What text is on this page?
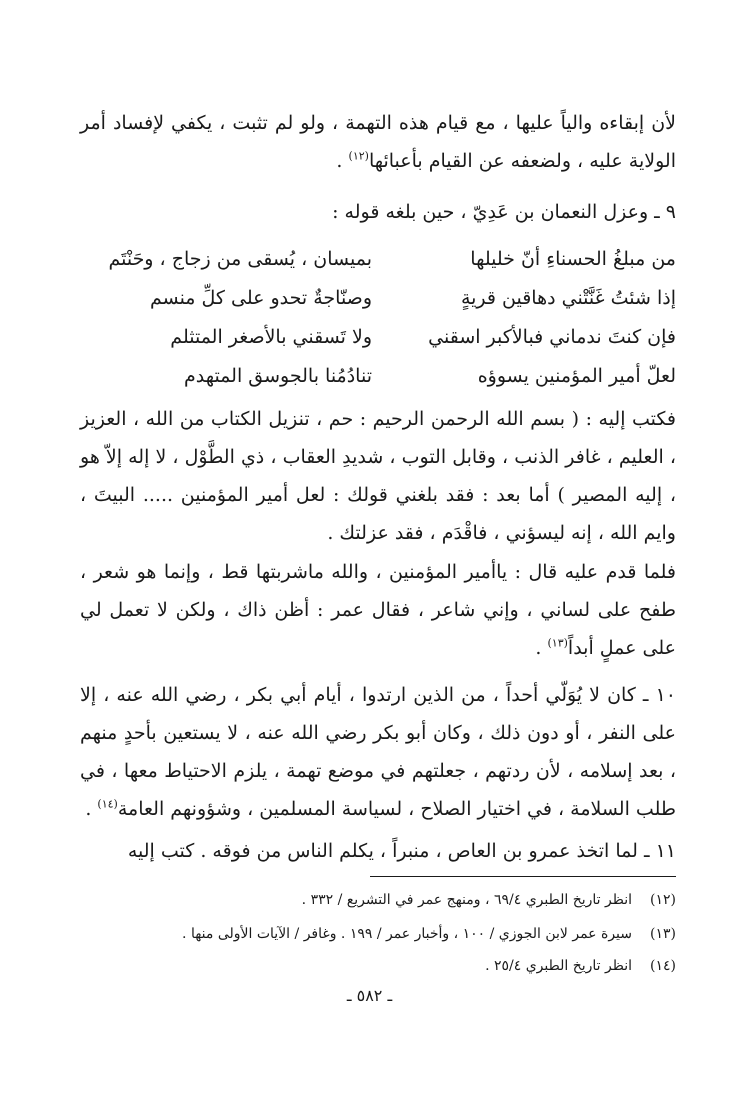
لأن إبقاءه والياً عليها ، مع قيام هذه التهمة ، ولو لم تثبت ، يكفي لإفساد أمر الولاية عليه ، ولضعفه عن القيام بأعبائها$^{(١٢)}$ .

٩ ـ وعزل النعمان بن عَدِيّ ، حين بلغه قوله :

من مبلغُ الحسناءِ أنّ خليلها
بميسان ، يُسقى من زجاج ، وحَنْتَم
إذا شئتُ غَنَّتْني دهاقين قريةٍ
وصنّاجةٌ تحدو على كلِّ منسم
فإن كنتَ ندماني فبالأكبر اسقني
ولا تَسقني بالأصغر المتثلم
لعلّ أمير المؤمنين يسوؤه
تنادُمُنا بالجوسق المتهدم

فكتب إليه : ( بسم الله الرحمن الرحيم : حم ، تنزيل الكتاب من الله ، العزيز ، العليم ، غافر الذنب ، وقابل التوب ، شديدِ العقاب ، ذي الطَّوْل ، لا إله إلاّ هو ، إليه المصير ) أما بعد : فقد بلغني قولك : لعل أمير المؤمنين ..... البيتَ ، وايم الله ، إنه ليسؤني ، فاقْدَم ، فقد عزلتك .

فلما قدم عليه قال : ياأمير المؤمنين ، والله ماشربتها قط ، وإنما هو شعر ، طفح على لساني ، وإني شاعر ، فقال عمر : أظن ذاك ، ولكن لا تعمل لي على عملٍ أبداً$^{(١٣)}$ .

١٠ ـ كان لا يُوَلّي أحداً ، من الذين ارتدوا ، أيام أبي بكر ، رضي الله عنه ، إلا على النفر ، أو دون ذلك ، وكان أبو بكر رضي الله عنه ، لا يستعين بأحدٍ منهم ، بعد إسلامه ، لأن ردتهم ، جعلتهم في موضع تهمة ، يلزم الاحتياط معها ، في طلب السلامة ، في اختيار الصلاح ، لسياسة المسلمين ، وشؤونهم العامة$^{(١٤)}$ .

١١ ـ لما اتخذ عمرو بن العاص ، منبراً ، يكلم الناس من فوقه . كتب إليه

(١٢)انظر تاريخ الطبري ٦٩/٤ ، ومنهج عمر في التشريع / ٣٣٢ .
(١٣)سيرة عمر لابن الجوزي / ١٠٠ ، وأخبار عمر / ١٩٩ . وغافر / الآيات الأولى منها .
(١٤)انظر تاريخ الطبري ٢٥/٤ .
ـ ٥٨٢ ـ
